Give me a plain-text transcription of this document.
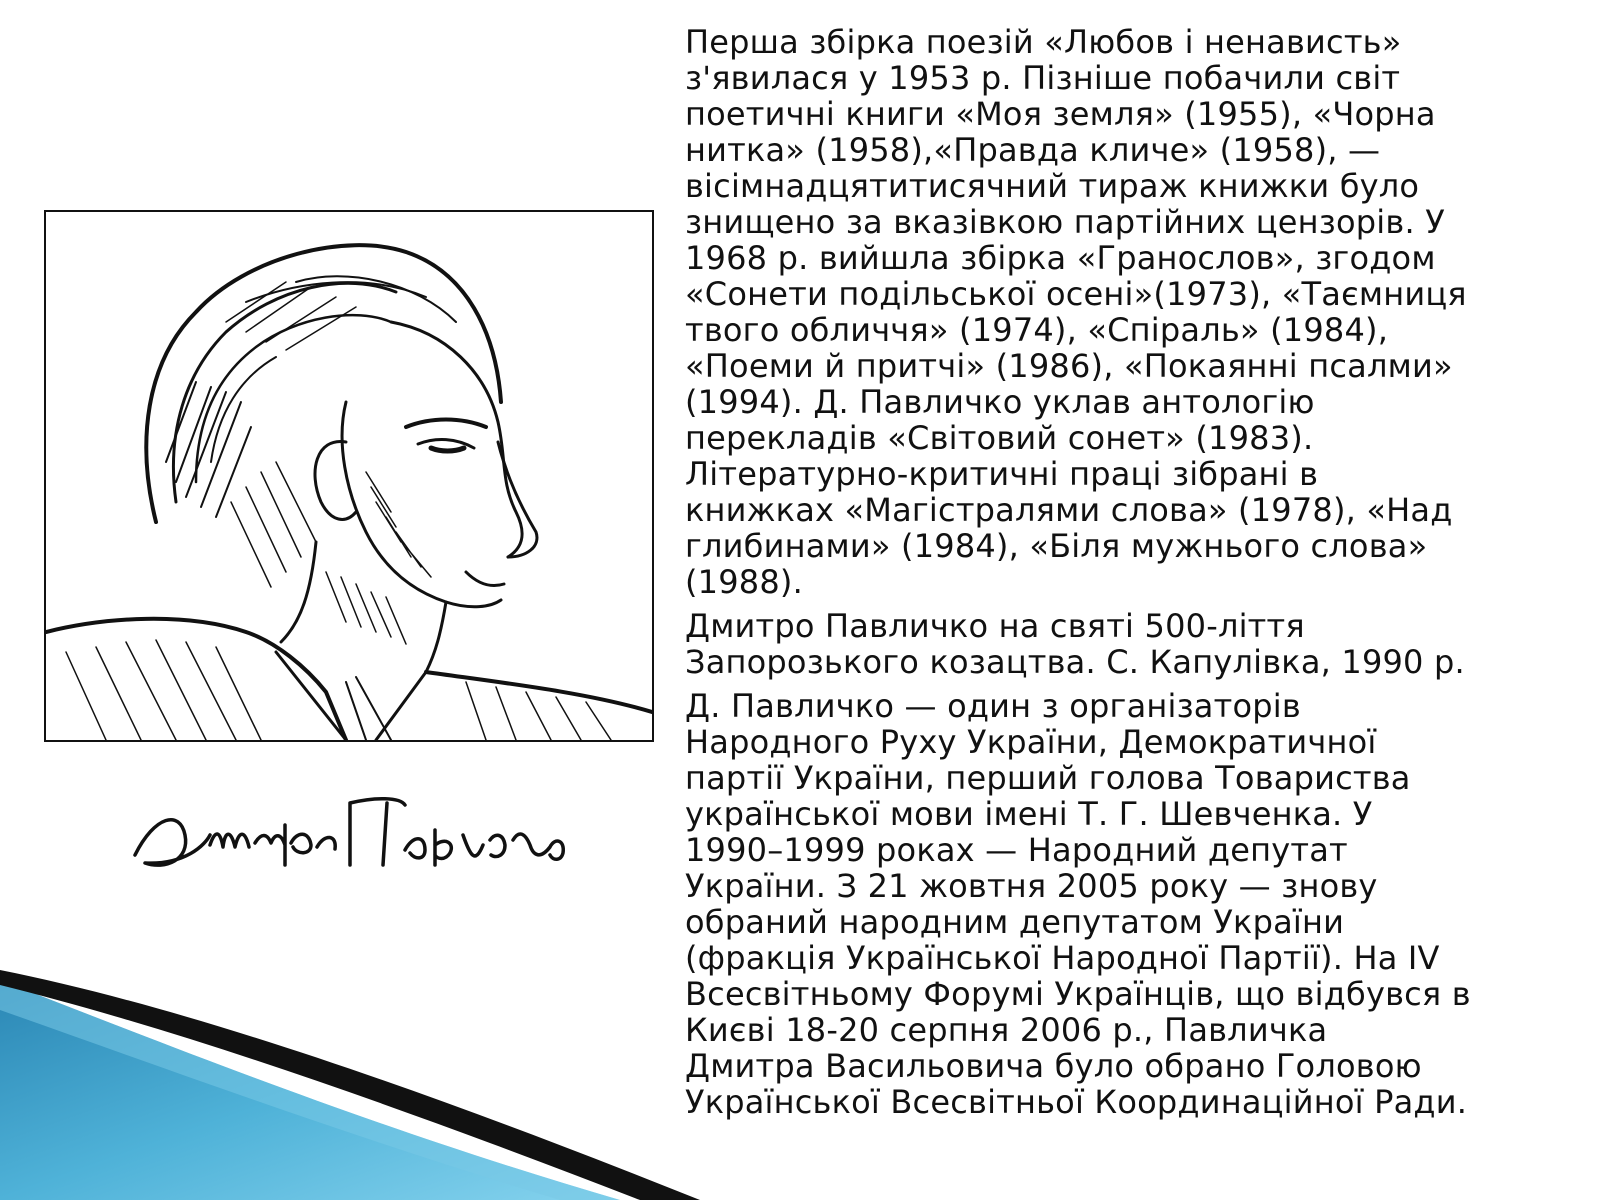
Перша збірка поезій «Любов і ненависть»
з'явилася у 1953 р. Пізніше побачили світ
поетичні книги «Моя земля» (1955), «Чорна
нитка» (1958),«Правда кличе» (1958), —
вісімнадцятитисячний тираж книжки було
знищено за вказівкою партійних цензорів. У
1968 р. вийшла збірка «Гранослов», згодом
«Сонети подільської осені»(1973), «Таємниця
твого обличчя» (1974), «Спіраль» (1984),
«Поеми й притчі» (1986), «Покаянні псалми»
(1994). Д. Павличко уклав антологію
перекладів «Світовий сонет» (1983).
Літературно-критичні праці зібрані в
книжках «Магістралями слова» (1978), «Над
глибинами» (1984), «Біля мужнього слова»
(1988).

Дмитро Павличко на святі 500-ліття
Запорозького козацтва. С. Капулівка, 1990 р.

Д. Павличко — один з організаторів
Народного Руху України, Демократичної
партії України, перший голова Товариства
української мови імені Т. Г. Шевченка. У
1990–1999 роках — Народний депутат
України. З 21 жовтня 2005 року — знову
обраний народним депутатом України
(фракція Української Народної Партії). На IV
Всесвітньому Форумі Українців, що відбувся в
Києві 18-20 серпня 2006 р., Павличка
Дмитра Васильовича було обрано Головою
Української Всесвітньої Координаційної Ради.
